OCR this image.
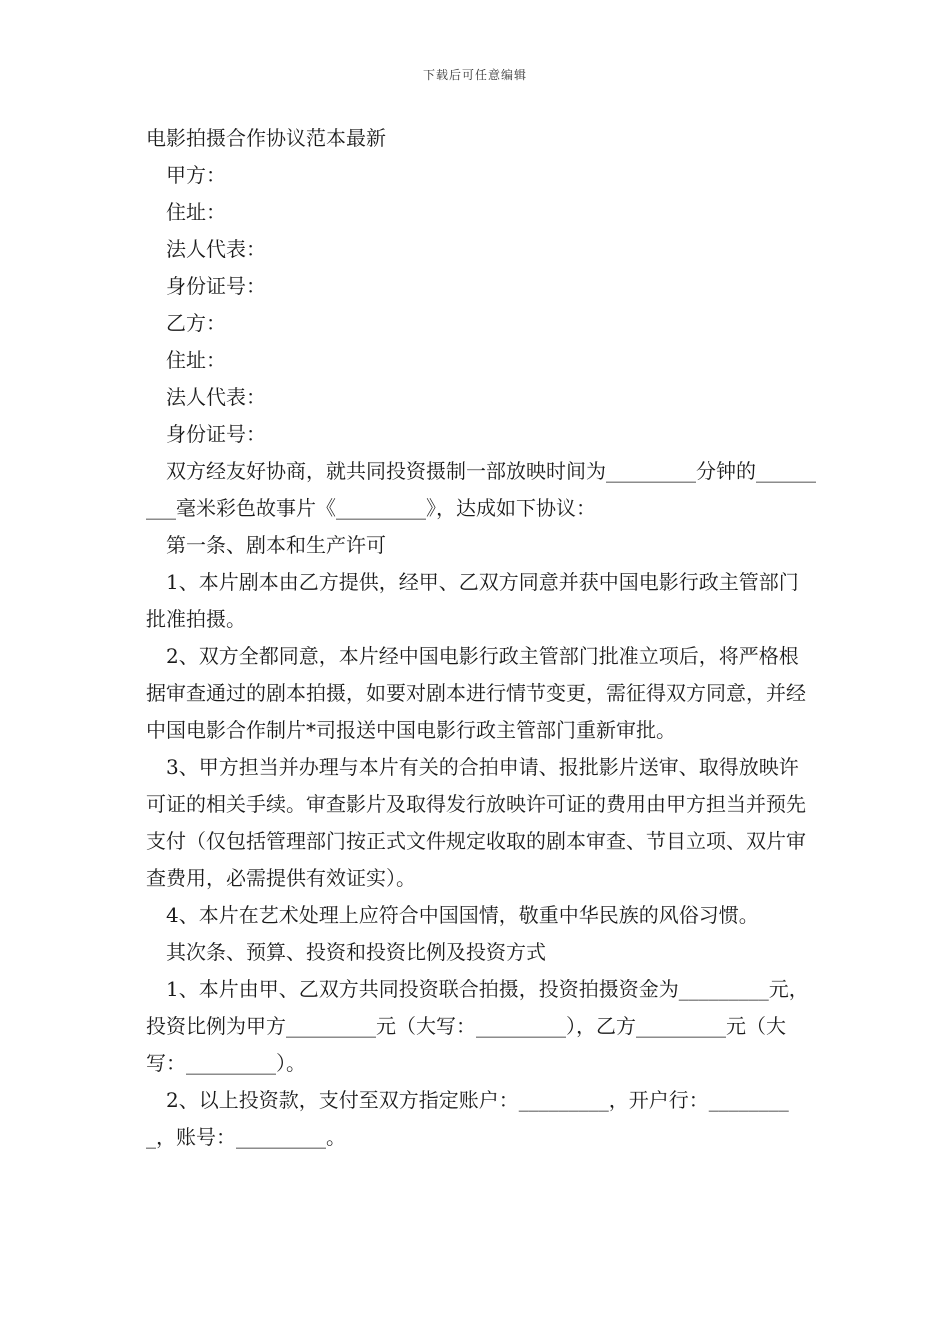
下载后可任意编辑
电影拍摄合作协议范本最新

甲方：

住址：

法人代表：

身份证号：

乙方：

住址：

法人代表：

身份证号：

双方经友好协商，就共同投资摄制一部放映时间为_________分钟的_________毫米彩色故事片《_________》，达成如下协议：

第一条、剧本和生产许可

1、本片剧本由乙方提供，经甲、乙双方同意并获中国电影行政主管部门批准拍摄。

2、双方全都同意，本片经中国电影行政主管部门批准立项后，将严格根据审查通过的剧本拍摄，如要对剧本进行情节变更，需征得双方同意，并经中国电影合作制片*司报送中国电影行政主管部门重新审批。

3、甲方担当并办理与本片有关的合拍申请、报批影片送审、取得放映许可证的相关手续。审查影片及取得发行放映许可证的费用由甲方担当并预先支付（仅包括管理部门按正式文件规定收取的剧本审查、节目立项、双片审查费用，必需提供有效证实）。

4、本片在艺术处理上应符合中国国情，敬重中华民族的风俗习惯。

其次条、预算、投资和投资比例及投资方式

1、本片由甲、乙双方共同投资联合拍摄，投资拍摄资金为_________元，投资比例为甲方_________元（大写：_________），乙方_________元（大写：_________）。

2、以上投资款，支付至双方指定账户：_________，开户行：_________，账号：_________。
